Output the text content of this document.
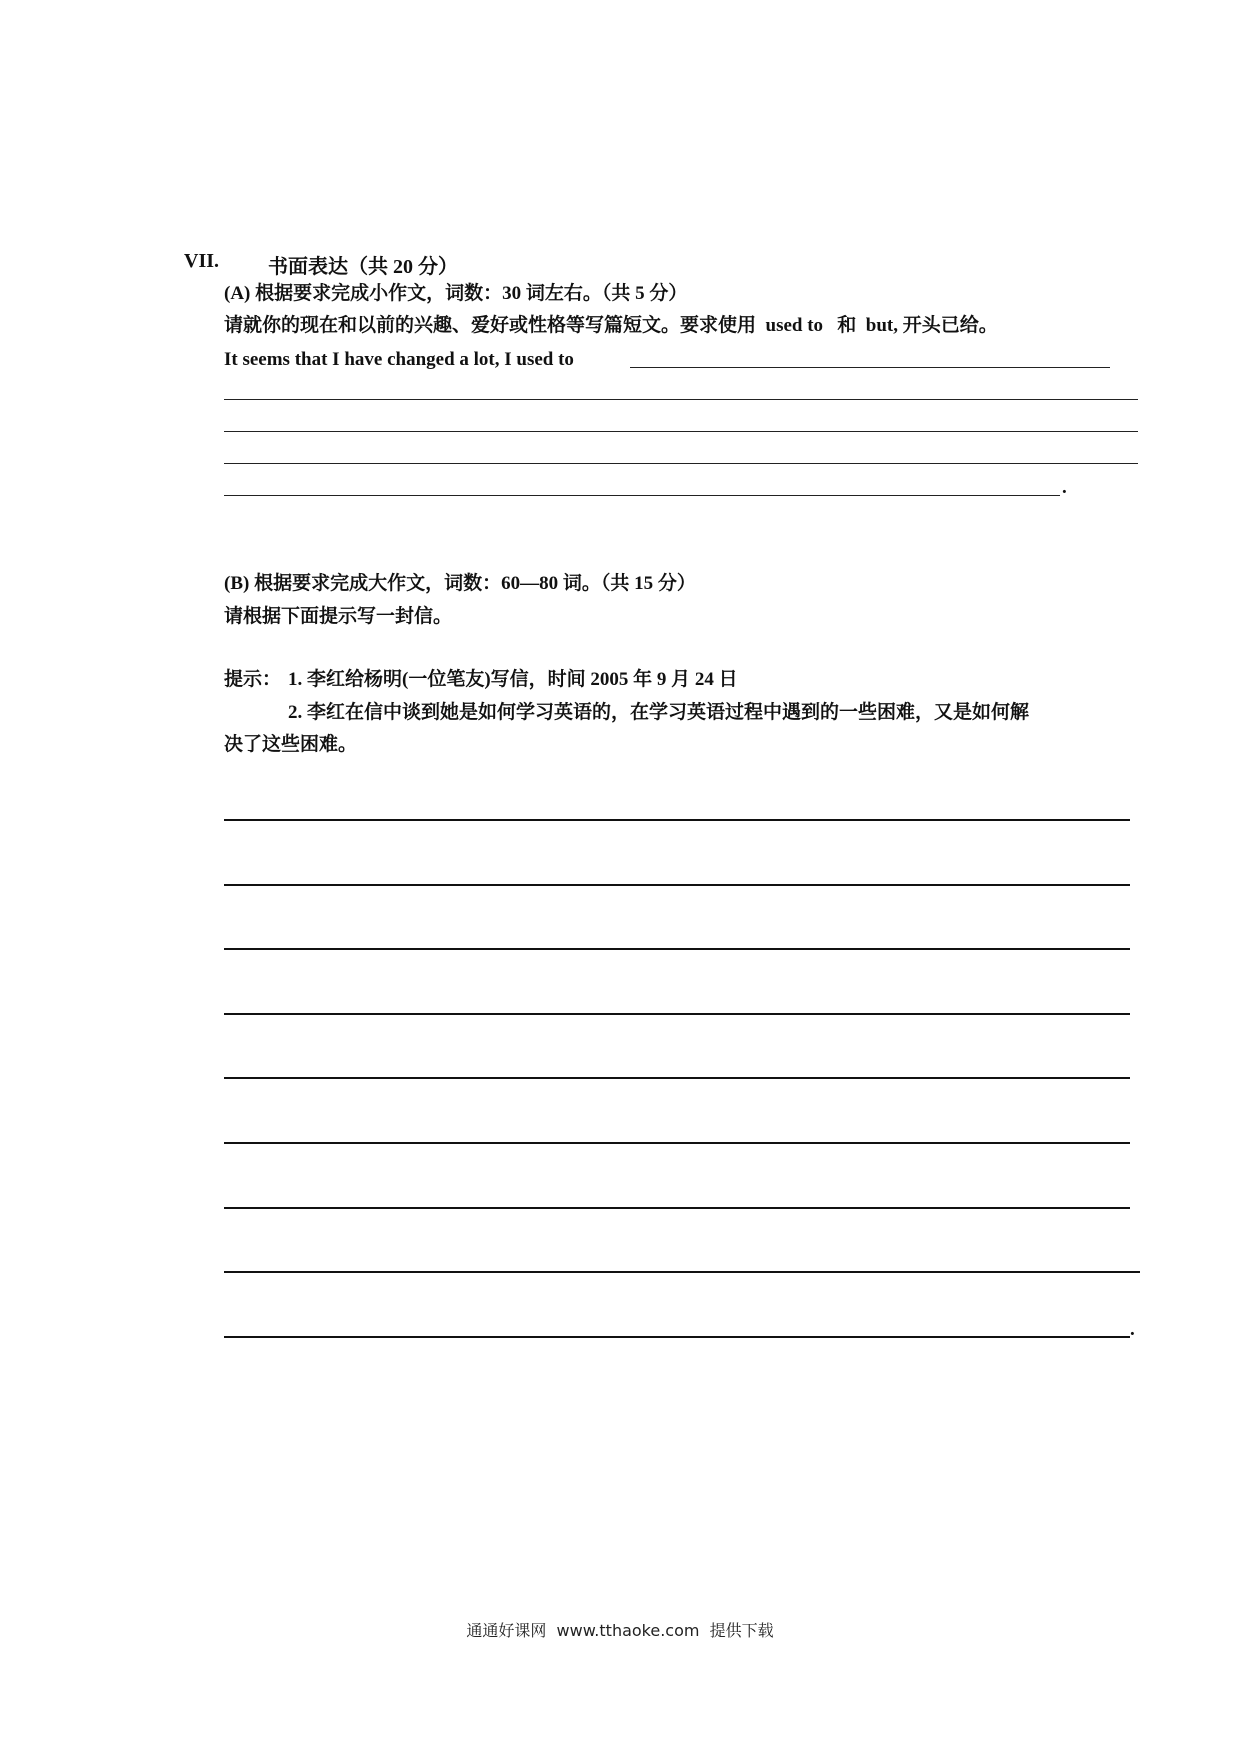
VII. 书面表达（共 20 分）
(A) 根据要求完成小作文，词数：30 词左右。（共 5 分）
请就你的现在和以前的兴趣、爱好或性格等写篇短文。要求使用  used to   和  but, 开头已给。
It seems that I have changed a lot, I used to
.
(B) 根据要求完成大作文，词数：60—80 词。（共 15 分）
请根据下面提示写一封信。
提示： 1. 李红给杨明(一位笔友)写信，时间 2005 年 9 月 24 日
2. 李红在信中谈到她是如何学习英语的，在学习英语过程中遇到的一些困难，又是如何解
决了这些困难。
.
通通好课网  www.tthaoke.com  提供下载
